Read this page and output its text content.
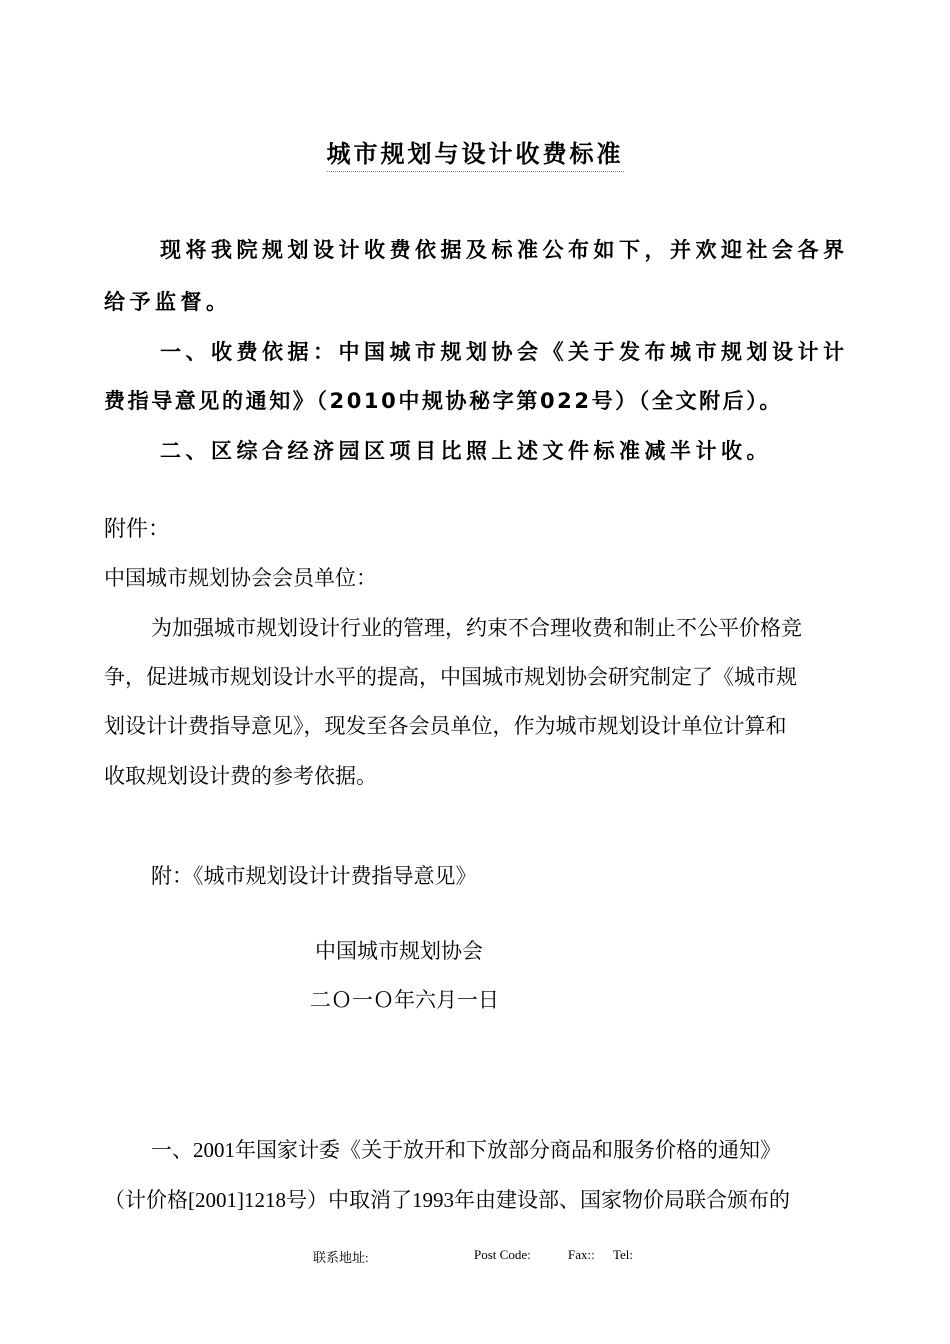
城市规划与设计收费标准
现将我院规划设计收费依据及标准公布如下，并欢迎社会各界
给予监督。
一、收费依据：中国城市规划协会《关于发布城市规划设计计
费指导意见的通知》（2010中规协秘字第022号）（全文附后）。
二、区综合经济园区项目比照上述文件标准减半计收。
附件：
中国城市规划协会会员单位：
为加强城市规划设计行业的管理，约束不合理收费和制止不公平价格竞
争，促进城市规划设计水平的提高，中国城市规划协会研究制定了《城市规
划设计计费指导意见》，现发至各会员单位，作为城市规划设计单位计算和
收取规划设计费的参考依据。
附：《城市规划设计计费指导意见》
中国城市规划协会
二Ｏ一Ｏ年六月一日
一、2001年国家计委《关于放开和下放部分商品和服务价格的通知》
（计价格[2001]1218号）中取消了1993年由建设部、国家物价局联合颁布的
联系地址:	Post Code:	Fax:: Tel:
